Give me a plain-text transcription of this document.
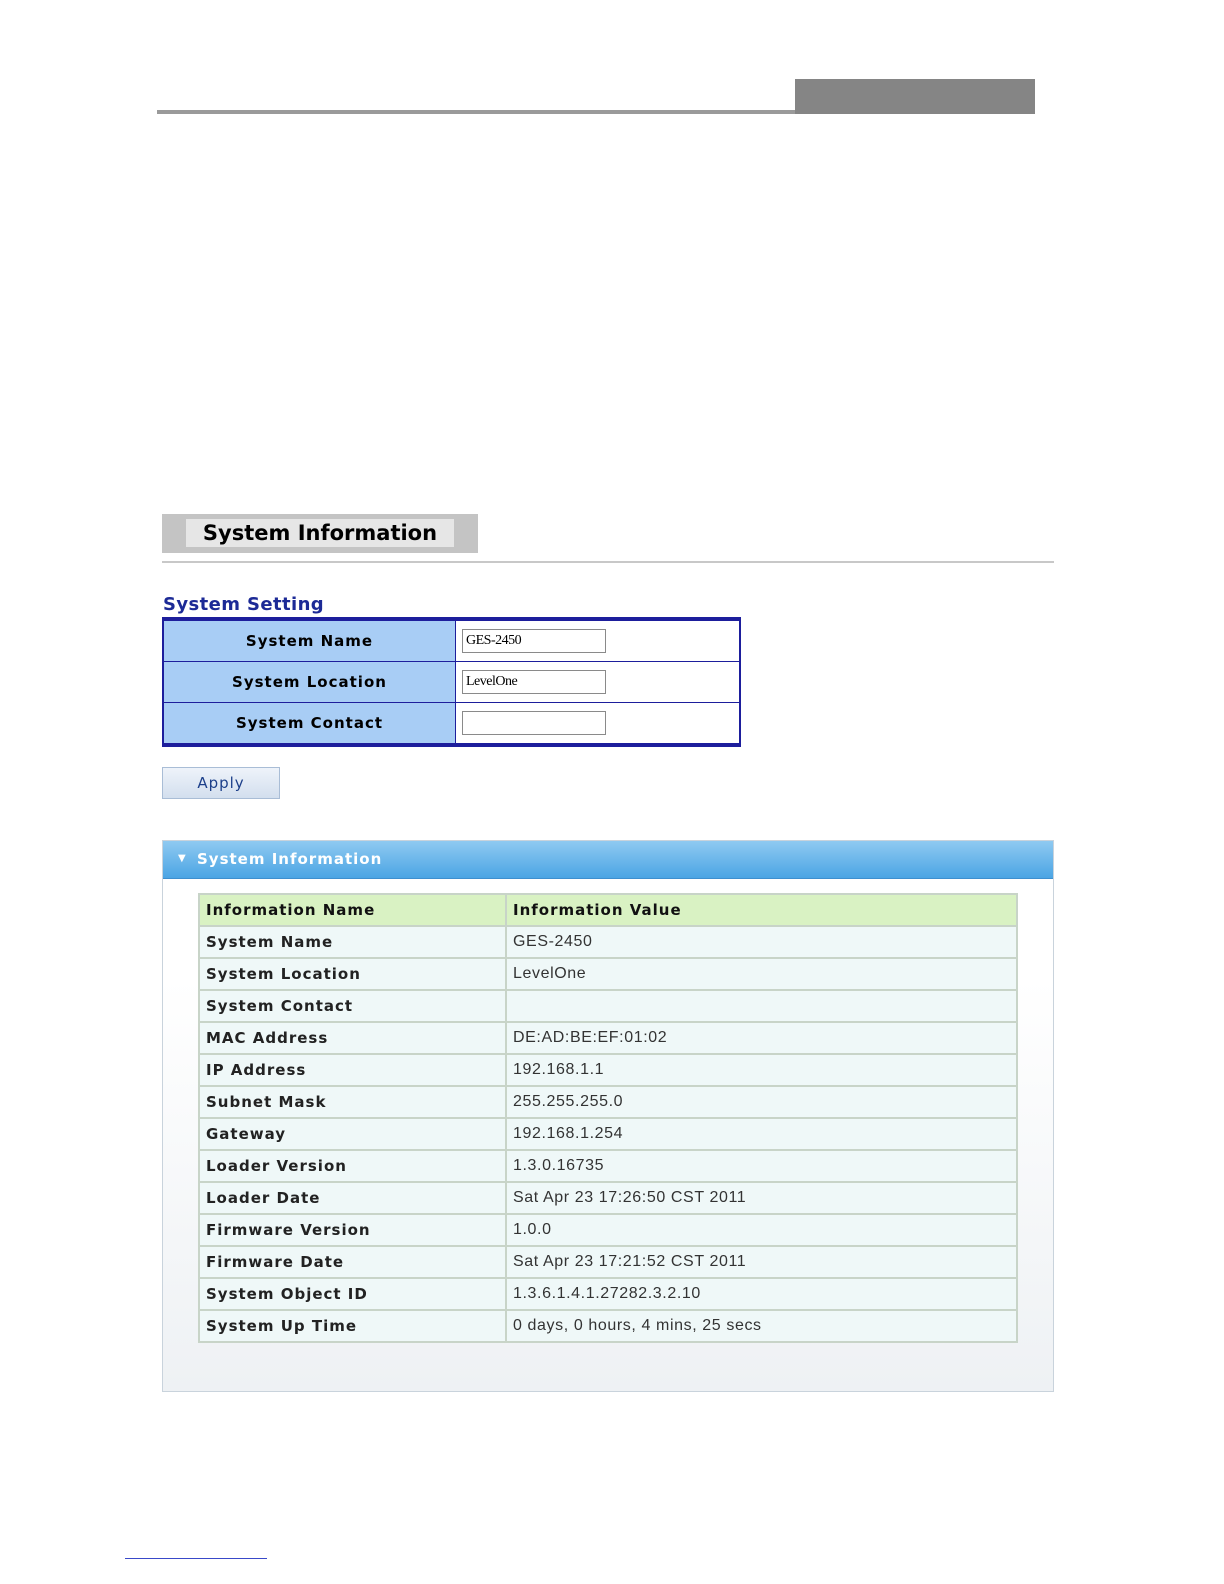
System Information
System Setting
System Name	GES-2450
System Location	LevelOne
System Contact	
Apply
▼ System Information
Information Name	Information Value
System Name	GES-2450
System Location	LevelOne
System Contact	
MAC Address	DE:AD:BE:EF:01:02
IP Address	192.168.1.1
Subnet Mask	255.255.255.0
Gateway	192.168.1.254
Loader Version	1.3.0.16735
Loader Date	Sat Apr 23 17:26:50 CST 2011
Firmware Version	1.0.0
Firmware Date	Sat Apr 23 17:21:52 CST 2011
System Object ID	1.3.6.1.4.1.27282.3.2.10
System Up Time	0 days, 0 hours, 4 mins, 25 secs
